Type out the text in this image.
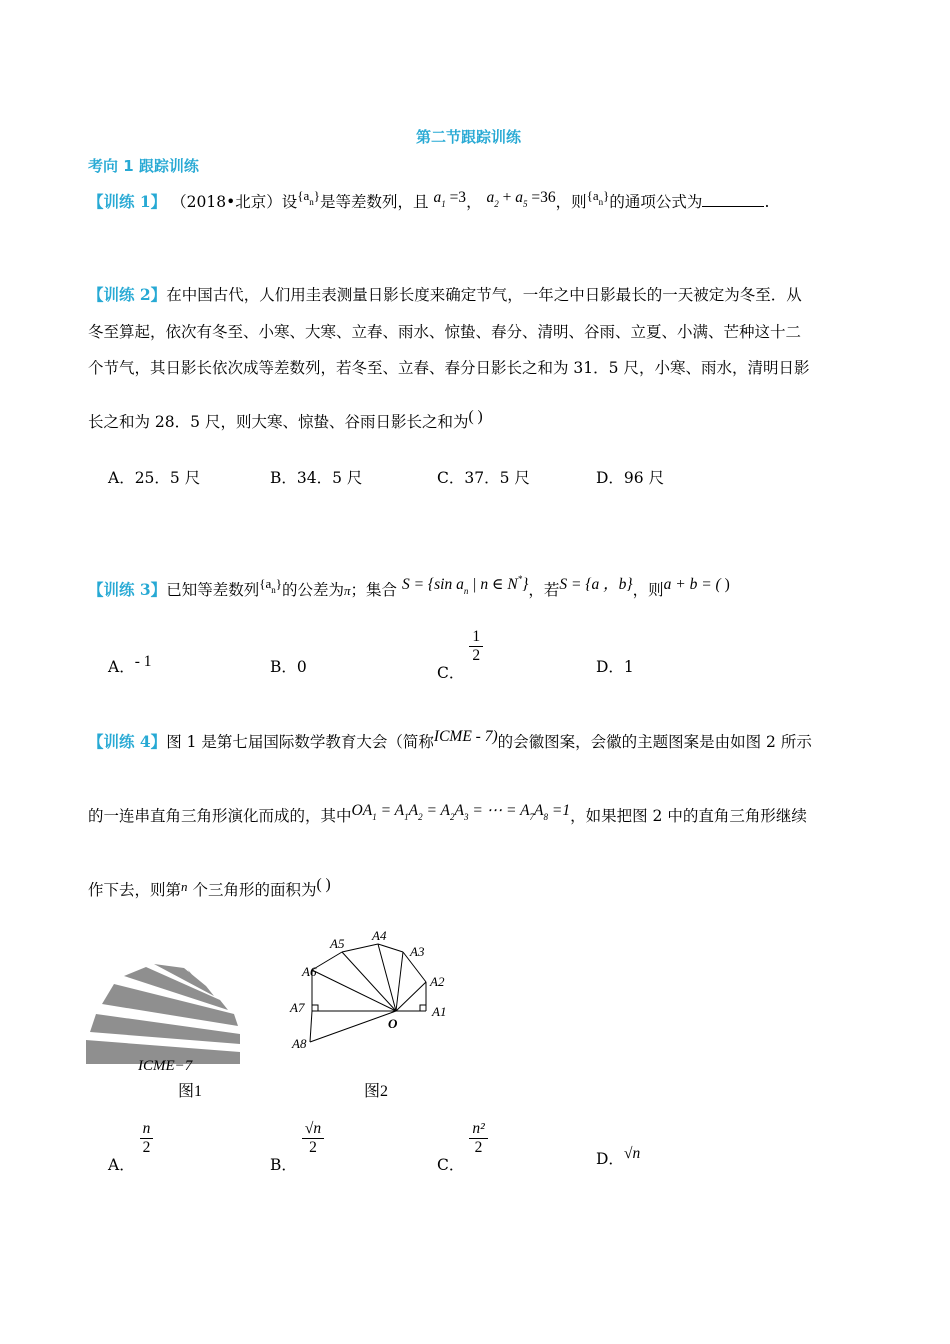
第二节跟踪训练
考向 1 跟踪训练
【训练 1】 （2018•北京）设$^{\{a_n\}}$是等差数列，且 $a_1 =3$， $a_2 + a_5 =36$，则$^{\{a_n\}}$的通项公式为	.
【训练 2】在中国古代，人们用圭表测量日影长度来确定节气，一年之中日影最长的一天被定为冬至．从
冬至算起，依次有冬至、小寒、大寒、立春、雨水、惊蛰、春分、清明、谷雨、立夏、小满、芒种这十二
个节气，其日影长依次成等差数列，若冬至、立春、春分日影长之和为 31．5 尺，小寒、雨水，清明日影
长之和为 28．5 尺，则大寒、惊蛰、谷雨日影长之和为( )
A．25．5 尺	B．34．5 尺	C．37．5 尺	D．96 尺
【训练 3】已知等差数列$^{\{a_n\}}$的公差为π；集合 S = {sin $a_n$ | n ∈ N*}，若S = {a ，b}，则a + b = ( )
A．- 1	B．0	C．
$\frac{1}{2}$
D．1
【训练 4】图 1 是第七届国际数学教育大会（简称ICME - 7)的会徽图案，会徽的主题图案是由如图 2 所示
的一连串直角三角形演化而成的，其中$OA_1 = A_1A_2 = A_2A_3$ = ⋯ = $A_7A_8 =1$，如果把图 2 中的直角三角形继续
作下去，则第$^n$ 个三角形的面积为( )
ICME−7
图1
A1
A2
A3
A4
A5
A6
A7
A8
O
图2
A．
$\frac{n}{2}$
B．
$\frac{√n}{2}$
C．
$\frac{\text{n²}}{2}$
D．√n
